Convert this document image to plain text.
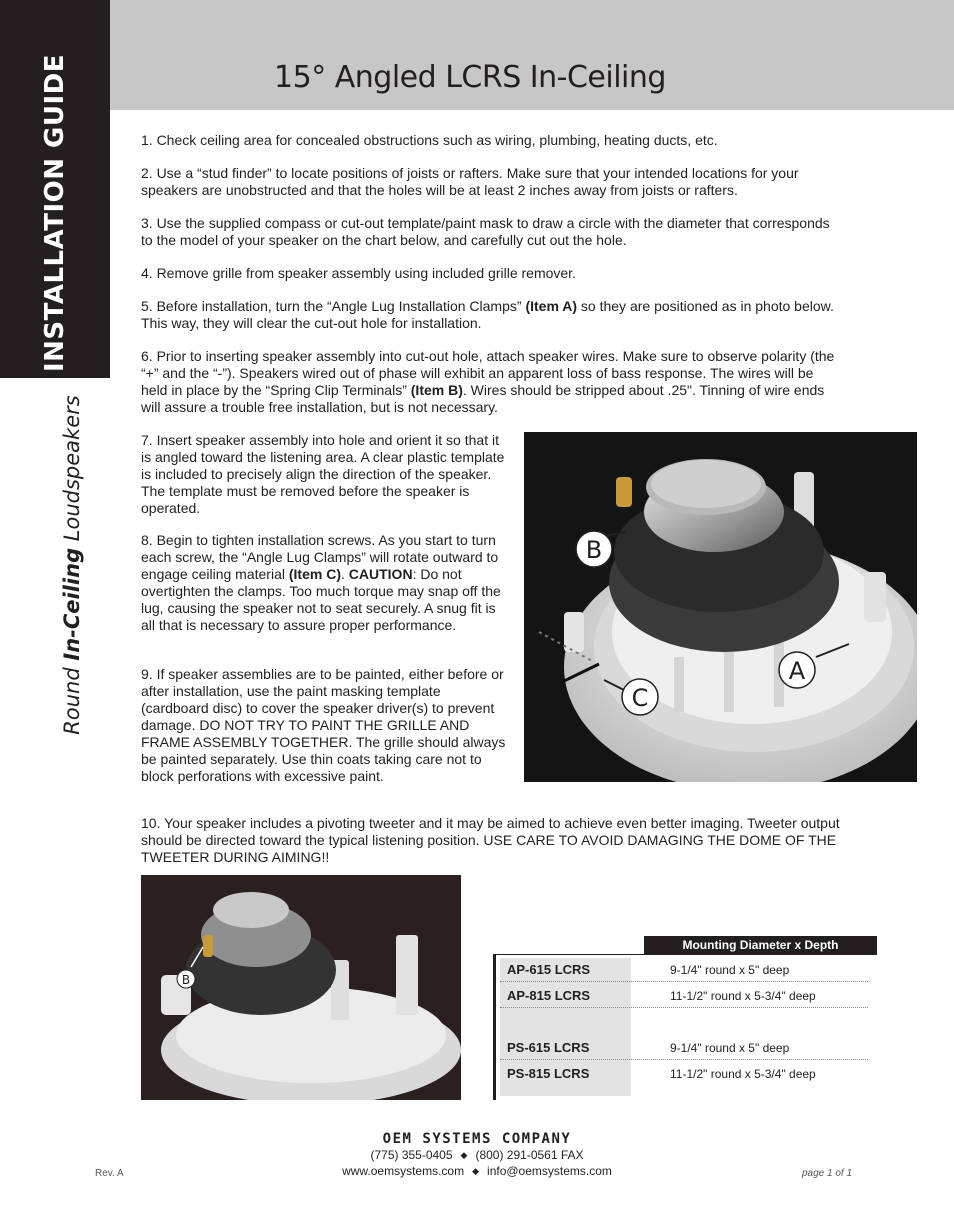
INSTALLATION GUIDE
Round In-Ceiling Loudspeakers
15° Angled LCRS In-Ceiling

1. Check ceiling area for concealed obstructions such as wiring, plumbing, heating ducts, etc.

2. Use a “stud finder” to locate positions of joists or rafters. Make sure that your intended locations for your speakers are unobstructed and that the holes will be at least 2 inches away from joists or rafters.

3. Use the supplied compass or cut-out template/paint mask to draw a circle with the diameter that corresponds to the model of your speaker on the chart below, and carefully cut out the hole.

4. Remove grille from speaker assembly using included grille remover.

5. Before installation, turn the “Angle Lug Installation Clamps” (Item A) so they are positioned as in photo below. This way, they will clear the cut-out hole for installation.

6. Prior to inserting speaker assembly into cut-out hole, attach speaker wires. Make sure to observe polarity (the “+” and the “-”). Speakers wired out of phase will exhibit an apparent loss of bass response. The wires will be held in place by the “Spring Clip Terminals” (Item B). Wires should be stripped about .25". Tinning of wire ends will assure a trouble free installation, but is not necessary.

7. Insert speaker assembly into hole and orient it so that it is angled toward the listening area. A clear plastic template is included to precisely align the direction of the speaker. The template must be removed before the speaker is operated.

8. Begin to tighten installation screws. As you start to turn each screw, the “Angle Lug Clamps” will rotate outward to engage ceiling material (Item C). CAUTION: Do not overtighten the clamps. Too much torque may snap off the lug, causing the speaker not to seat securely. A snug fit is all that is necessary to assure proper performance.

9. If speaker assemblies are to be painted, either before or after installation, use the paint masking template (cardboard disc) to cover the speaker driver(s) to prevent damage. DO NOT TRY TO PAINT THE GRILLE AND FRAME ASSEMBLY TOGETHER. The grille should always be painted separately. Use thin coats taking care not to block perforations with excessive paint.

10. Your speaker includes a pivoting tweeter and it may be aimed to achieve even better imaging. Tweeter output should be directed toward the typical listening position. USE CARE TO AVOID DAMAGING THE DOME OF THE TWEETER DURING AIMING!!

B
A
C
B
Mounting Diameter x Depth
AP-615 LCRS	9-1/4" round x 5" deep
AP-815 LCRS	11-1/2" round x 5-3/4" deep
PS-615 LCRS	9-1/4" round x 5" deep
PS-815 LCRS	11-1/2" round x 5-3/4" deep
OEM SYSTEMS COMPANY
(775) 355-0405 ◆ (800) 291-0561 FAX
www.oemsystems.com ◆ info@oemsystems.com
Rev. A	page 1 of 1
